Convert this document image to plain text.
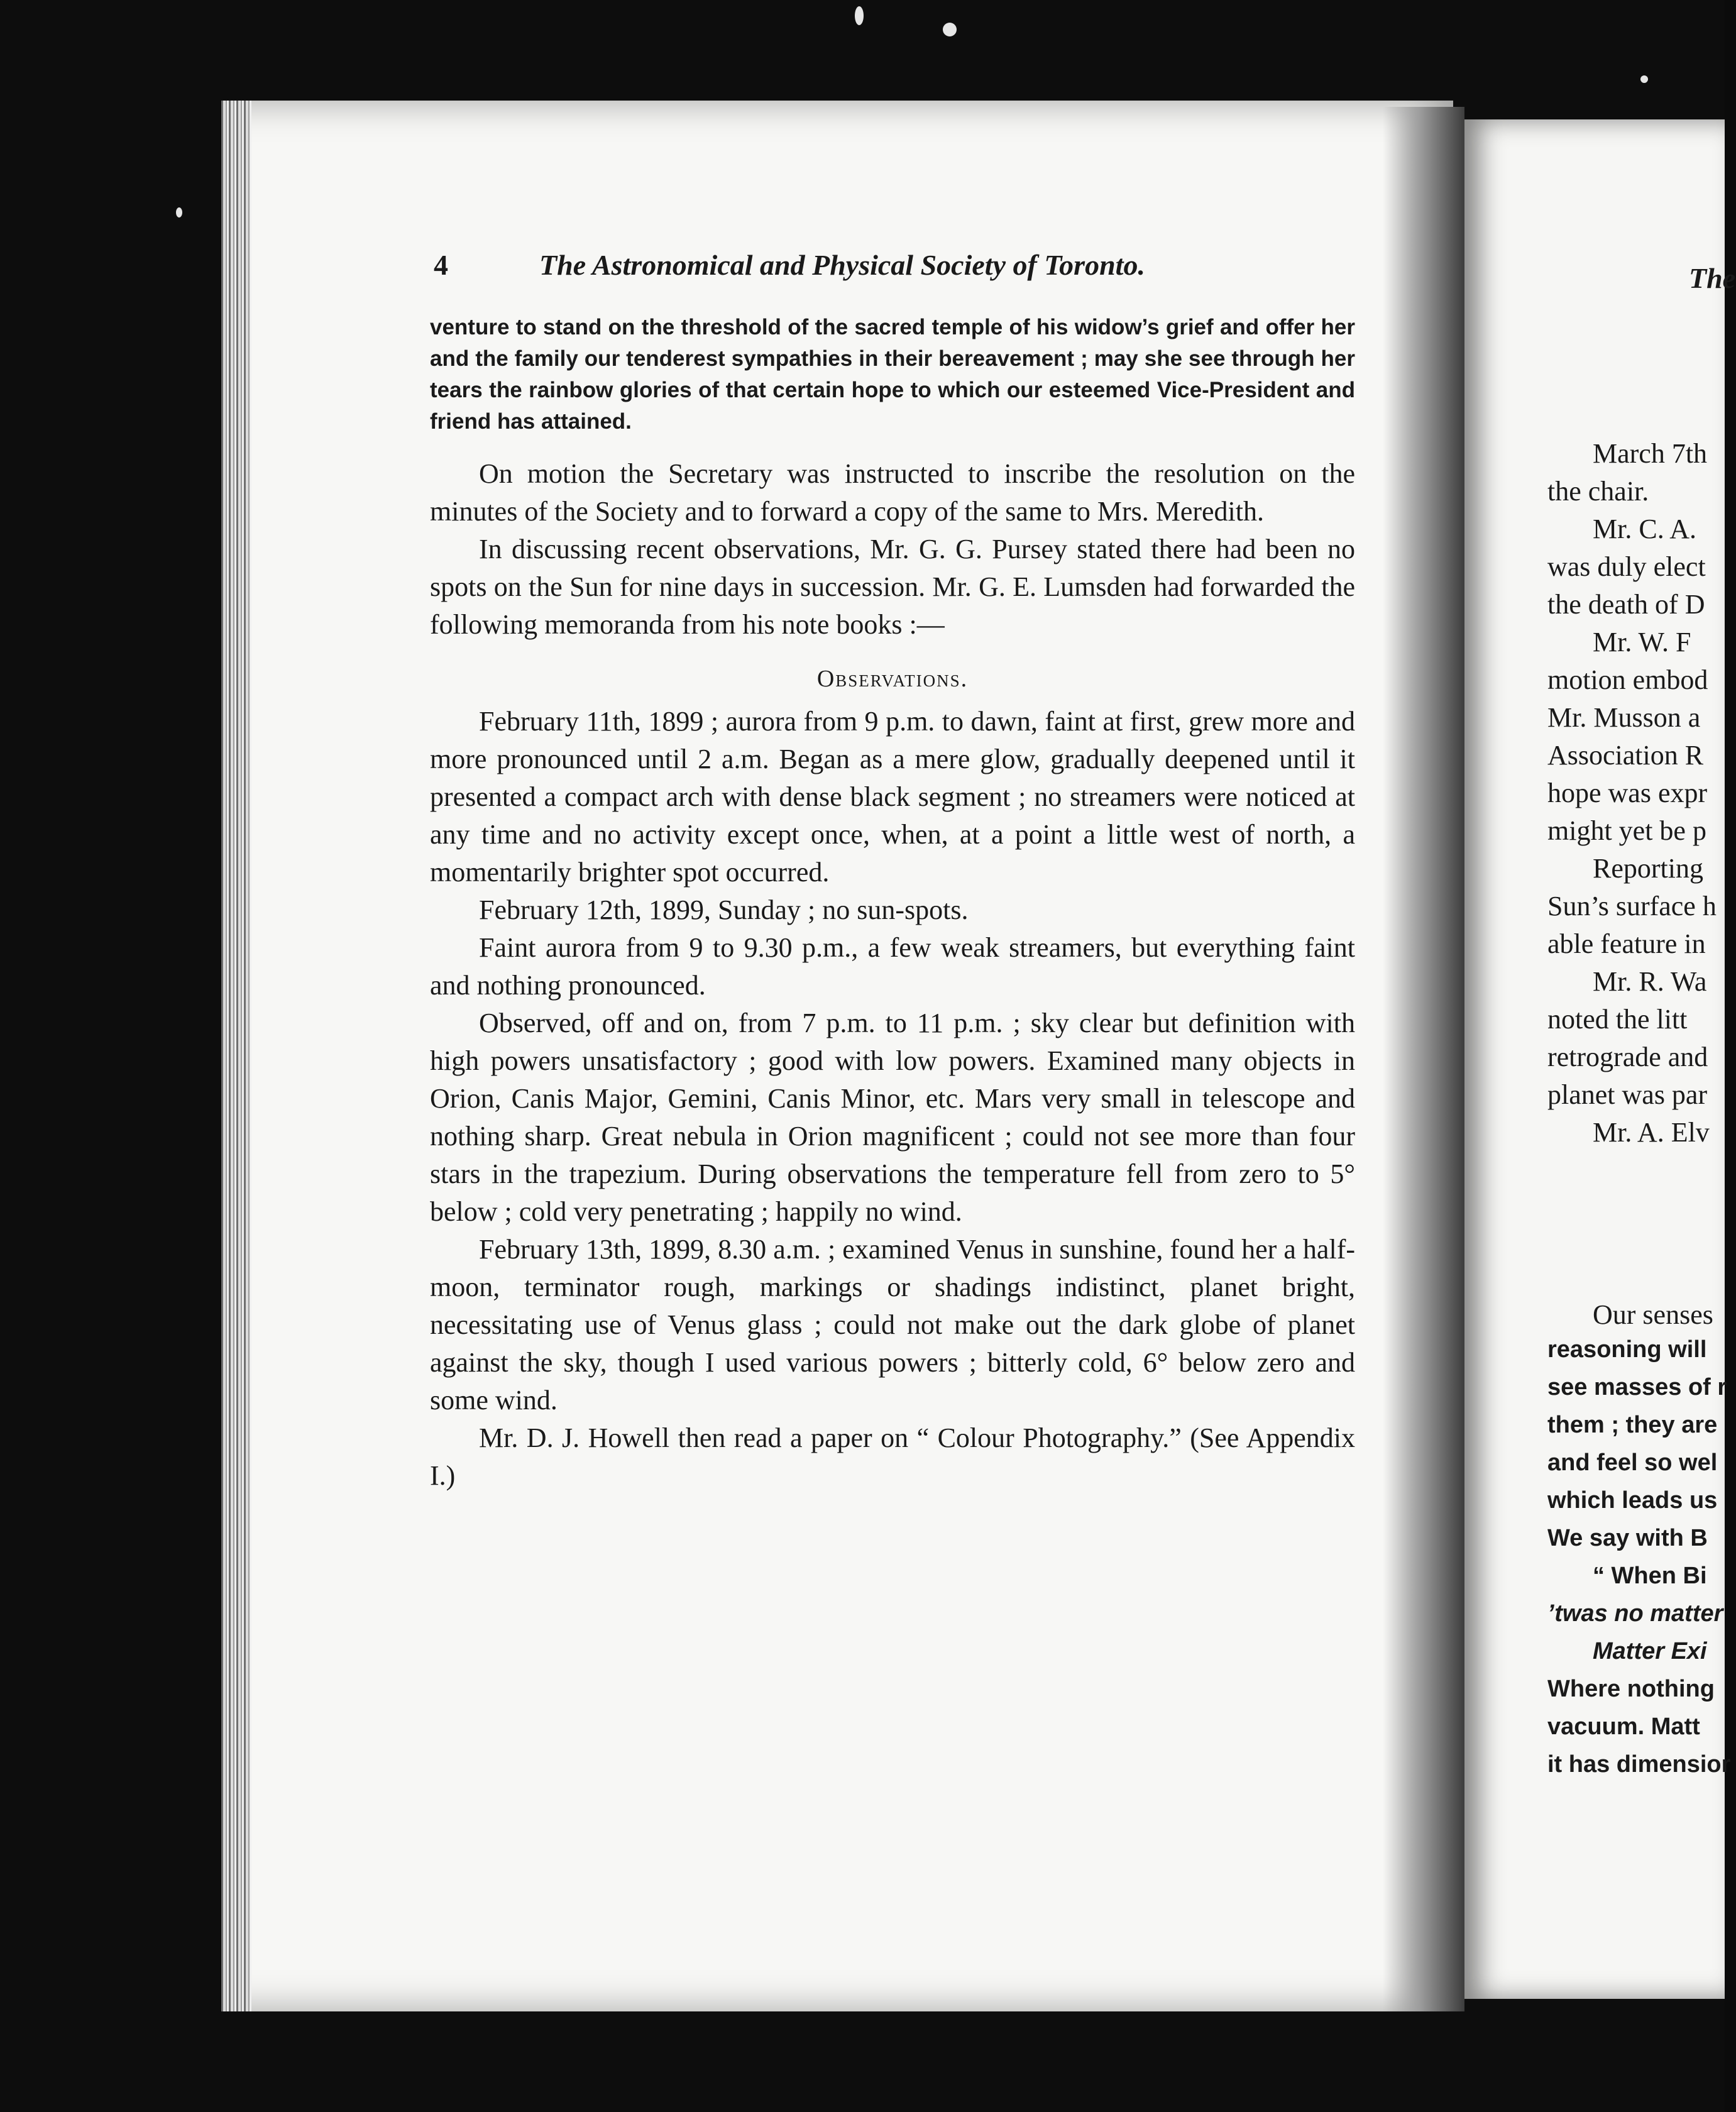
4	The Astronomical and Physical Society of Toronto.

venture to stand on the threshold of the sacred temple of his widow’s grief and offer her and the family our tenderest sympathies in their bereavement ; may she see through her tears the rainbow glories of that certain hope to which our esteemed Vice-President and friend has attained.

On motion the Secretary was instructed to inscribe the resolution on the minutes of the Society and to forward a copy of the same to Mrs. Meredith.

In discussing recent observations, Mr. G. G. Pursey stated there had been no spots on the Sun for nine days in succession. Mr. G. E. Lumsden had forwarded the following memoranda from his note books :—

Observations.

February 11th, 1899 ; aurora from 9 p.m. to dawn, faint at first, grew more and more pronounced until 2 a.m. Began as a mere glow, gradually deepened until it presented a compact arch with dense black segment ; no streamers were noticed at any time and no activity except once, when, at a point a little west of north, a momentarily brighter spot occurred.

February 12th, 1899, Sunday ; no sun-spots.

Faint aurora from 9 to 9.30 p.m., a few weak streamers, but everything faint and nothing pronounced.

Observed, off and on, from 7 p.m. to 11 p.m. ; sky clear but definition with high powers unsatisfactory ; good with low powers. Examined many objects in Orion, Canis Major, Gemini, Canis Minor, etc. Mars very small in telescope and nothing sharp. Great nebula in Orion magnificent ; could not see more than four stars in the trapezium. During observations the temperature fell from zero to 5° below ; cold very penetrating ; happily no wind.

February 13th, 1899, 8.30 a.m. ; examined Venus in sunshine, found her a half-moon, terminator rough, markings or shadings indistinct, planet bright, necessitating use of Venus glass ; could not make out the dark globe of planet against the sky, though I used various powers ; bitterly cold, 6° below zero and some wind.

Mr. D. J. Howell then read a paper on “ Colour Photography.” (See Appendix I.)

The
March 7th
the chair.
Mr. C. A.
was duly elect
the death of D
Mr. W. F
motion embod
Mr. Musson a
Association R
hope was expr
might yet be p
Reporting
Sun’s surface h
able feature in
Mr. R. Wa
noted the litt
retrograde and
planet was par
Mr. A. Elv
Our senses
reasoning will
see masses of r
them ; they are
and feel so wel
which leads us
We say with B
“ When Bi
’twas no matter
Matter Exi
Where nothing
vacuum. Matt
it has dimensior
